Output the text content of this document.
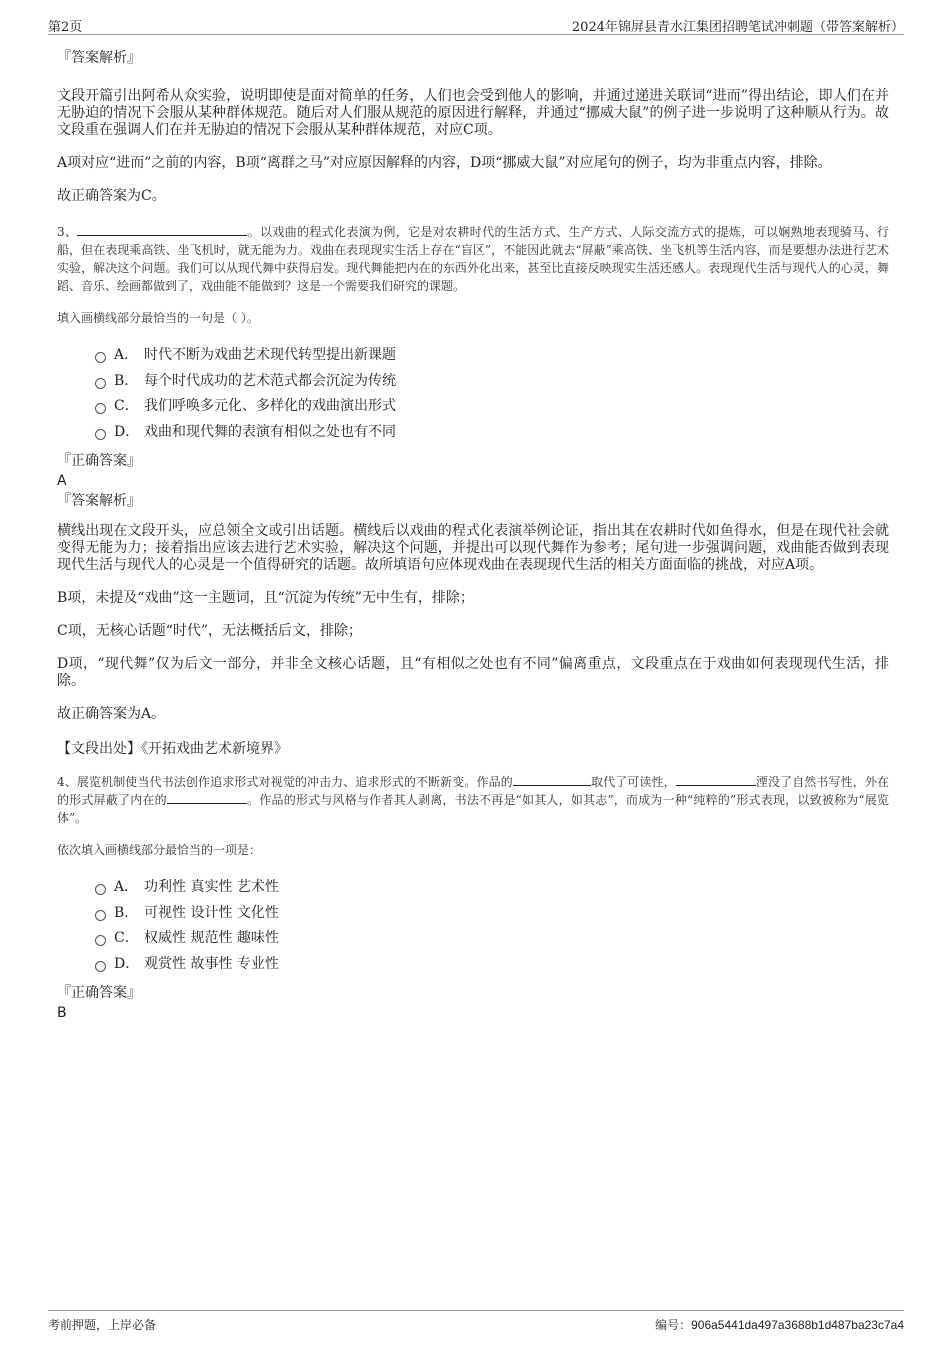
第2页	2024年锦屏县青水江集团招聘笔试冲刺题（带答案解析）
『答案解析』

文段开篇引出阿希从众实验，说明即使是面对简单的任务，人们也会受到他人的影响，并通过递进关联词“进而”得出结论，即人们在并无胁迫的情况下会服从某种群体规范。随后对人们服从规范的原因进行解释，并通过“挪威大鼠”的例子进一步说明了这种顺从行为。故文段重在强调人们在并无胁迫的情况下会服从某种群体规范，对应C项。

A项对应“进而”之前的内容，B项“离群之马”对应原因解释的内容，D项“挪威大鼠”对应尾句的例子，均为非重点内容，排除。

故正确答案为C。

3、	。以戏曲的程式化表演为例，它是对农耕时代的生活方式、生产方式、人际交流方式的提炼，可以娴熟地表现骑马、行船，但在表现乘高铁、坐飞机时，就无能为力。戏曲在表现现实生活上存在“盲区”，不能因此就去“屏蔽”乘高铁、坐飞机等生活内容，而是要想办法进行艺术实验，解决这个问题。我们可以从现代舞中获得启发。现代舞能把内在的东西外化出来，甚至比直接反映现实生活还感人。表现现代生活与现代人的心灵，舞蹈、音乐、绘画都做到了，戏曲能不能做到？这是一个需要我们研究的课题。

填入画横线部分最恰当的一句是（ ）。

A． 时代不断为戏曲艺术现代转型提出新课题
B． 每个时代成功的艺术范式都会沉淀为传统
C． 我们呼唤多元化、多样化的戏曲演出形式
D． 戏曲和现代舞的表演有相似之处也有不同
『正确答案』
A
『答案解析』

横线出现在文段开头，应总领全文或引出话题。横线后以戏曲的程式化表演举例论证，指出其在农耕时代如鱼得水，但是在现代社会就变得无能为力；接着指出应该去进行艺术实验，解决这个问题，并提出可以现代舞作为参考；尾句进一步强调问题，戏曲能否做到表现现代生活与现代人的心灵是一个值得研究的话题。故所填语句应体现戏曲在表现现代生活的相关方面面临的挑战，对应A项。

B项，未提及“戏曲”这一主题词，且“沉淀为传统”无中生有，排除；

C项，无核心话题“时代”，无法概括后文，排除；

D项，“现代舞”仅为后文一部分，并非全文核心话题，且“有相似之处也有不同”偏离重点，文段重点在于戏曲如何表现现代生活，排除。

故正确答案为A。

【文段出处】《开拓戏曲艺术新境界》

4、展览机制使当代书法创作追求形式对视觉的冲击力、追求形式的不断新变。作品的	取代了可读性，	湮没了自然书写性，外在的形式屏蔽了内在的	。作品的形式与风格与作者其人剥离，书法不再是“如其人，如其志”，而成为一种“纯粹的”形式表现，以致被称为“展览体”。

依次填入画横线部分最恰当的一项是：

A． 功利性 真实性 艺术性
B． 可视性 设计性 文化性
C． 权威性 规范性 趣味性
D． 观赏性 故事性 专业性
『正确答案』
B
考前押题，上岸必备	编号：906a5441da497a3688b1d487ba23c7a4
